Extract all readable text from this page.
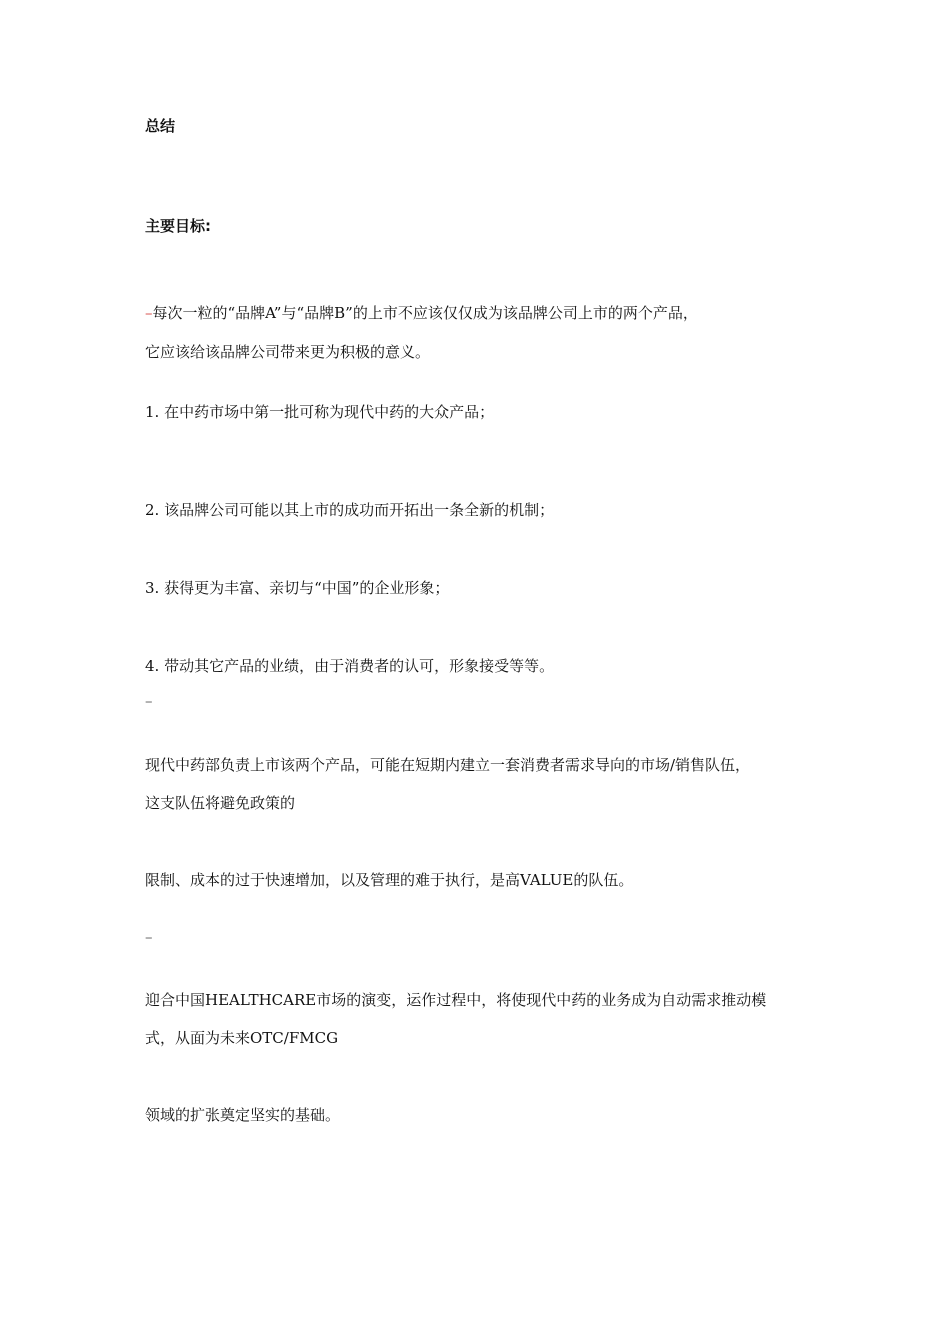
总结
主要目标:
–每次一粒的“品牌A”与“品牌B”的上市不应该仅仅成为该品牌公司上市的两个产品，
它应该给该品牌公司带来更为积极的意义。
1. 在中药市场中第一批可称为现代中药的大众产品；
2. 该品牌公司可能以其上市的成功而开拓出一条全新的机制；
3. 获得更为丰富、亲切与“中国”的企业形象；
4. 带动其它产品的业绩，由于消费者的认可，形象接受等等。
–
现代中药部负责上市该两个产品，可能在短期内建立一套消费者需求导向的市场/销售队伍，
这支队伍将避免政策的
限制、成本的过于快速增加，以及管理的难于执行，是高VALUE的队伍。
–
迎合中国HEALTHCARE市场的演变，运作过程中，将使现代中药的业务成为自动需求推动模
式，从面为未来OTC/FMCG
领域的扩张奠定坚实的基础。
